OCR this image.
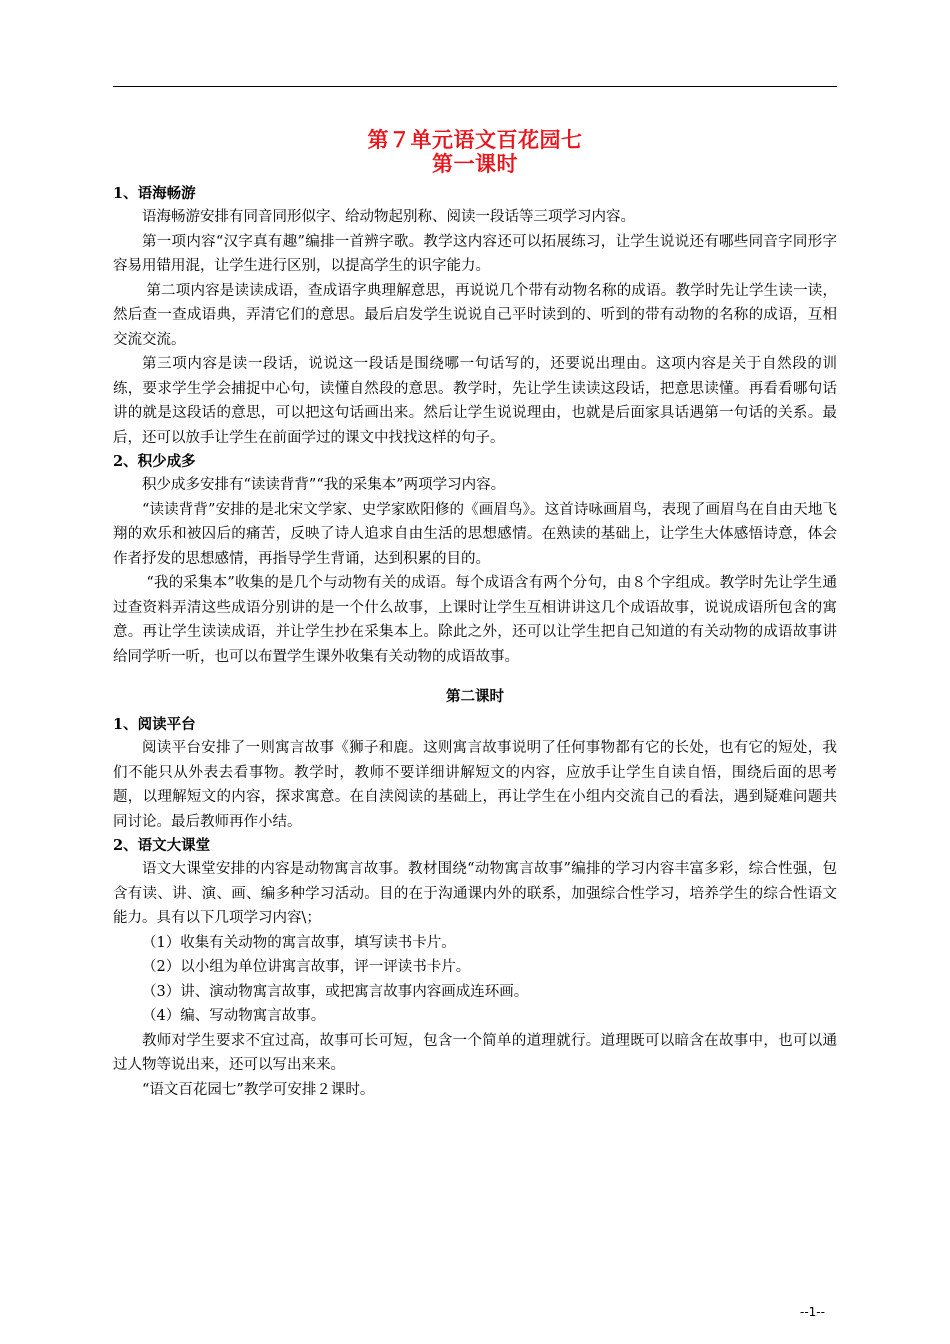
第７单元语文百花园七

第一课时

1、语海畅游

语海畅游安排有同音同形似字、给动物起别称、阅读一段话等三项学习内容。

第一项内容“汉字真有趣”编排一首辨字歌。教学这内容还可以拓展练习，让学生说说还有哪些同音字同形字容易用错用混，让学生进行区别，以提高学生的识字能力。

第二项内容是读读成语，查成语字典理解意思，再说说几个带有动物名称的成语。教学时先让学生读一读，然后查一查成语典，弄清它们的意思。最后启发学生说说自己平时读到的、听到的带有动物的名称的成语，互相交流交流。

第三项内容是读一段话，说说这一段话是围绕哪一句话写的，还要说出理由。这项内容是关于自然段的训练，要求学生学会捕捉中心句，读懂自然段的意思。教学时，先让学生读读这段话，把意思读懂。再看看哪句话讲的就是这段话的意思，可以把这句话画出来。然后让学生说说理由，也就是后面家具话遇第一句话的关系。最后，还可以放手让学生在前面学过的课文中找找这样的句子。

2、积少成多

积少成多安排有“读读背背”“我的采集本”两项学习内容。

“读读背背”安排的是北宋文学家、史学家欧阳修的《画眉鸟》。这首诗咏画眉鸟，表现了画眉鸟在自由天地飞翔的欢乐和被囚后的痛苦，反映了诗人追求自由生活的思想感情。在熟读的基础上，让学生大体感悟诗意，体会作者抒发的思想感情，再指导学生背诵，达到积累的目的。

“我的采集本”收集的是几个与动物有关的成语。每个成语含有两个分句，由８个字组成。教学时先让学生通过查资料弄清这些成语分别讲的是一个什么故事，上课时让学生互相讲讲这几个成语故事，说说成语所包含的寓意。再让学生读读成语，并让学生抄在采集本上。除此之外，还可以让学生把自己知道的有关动物的成语故事讲给同学听一听，也可以布置学生课外收集有关动物的成语故事。

第二课时

1、阅读平台

阅读平台安排了一则寓言故事《狮子和鹿。这则寓言故事说明了任何事物都有它的长处，也有它的短处，我们不能只从外表去看事物。教学时，教师不要详细讲解短文的内容，应放手让学生自读自悟，围绕后面的思考题，以理解短文的内容，探求寓意。在自渎阅读的基础上，再让学生在小组内交流自己的看法，遇到疑难问题共同讨论。最后教师再作小结。

2、语文大课堂

语文大课堂安排的内容是动物寓言故事。教材围绕“动物寓言故事”编排的学习内容丰富多彩，综合性强，包含有读、讲、演、画、编多种学习活动。目的在于沟通课内外的联系，加强综合性学习，培养学生的综合性语文能力。具有以下几项学习内容\；

（1）收集有关动物的寓言故事，填写读书卡片。

（2）以小组为单位讲寓言故事，评一评读书卡片。

（3）讲、演动物寓言故事，或把寓言故事内容画成连环画。

（4）编、写动物寓言故事。

教师对学生要求不宜过高，故事可长可短，包含一个简单的道理就行。道理既可以暗含在故事中，也可以通过人物等说出来，还可以写出来来。

“语文百花园七”教学可安排２课时。

--1--
